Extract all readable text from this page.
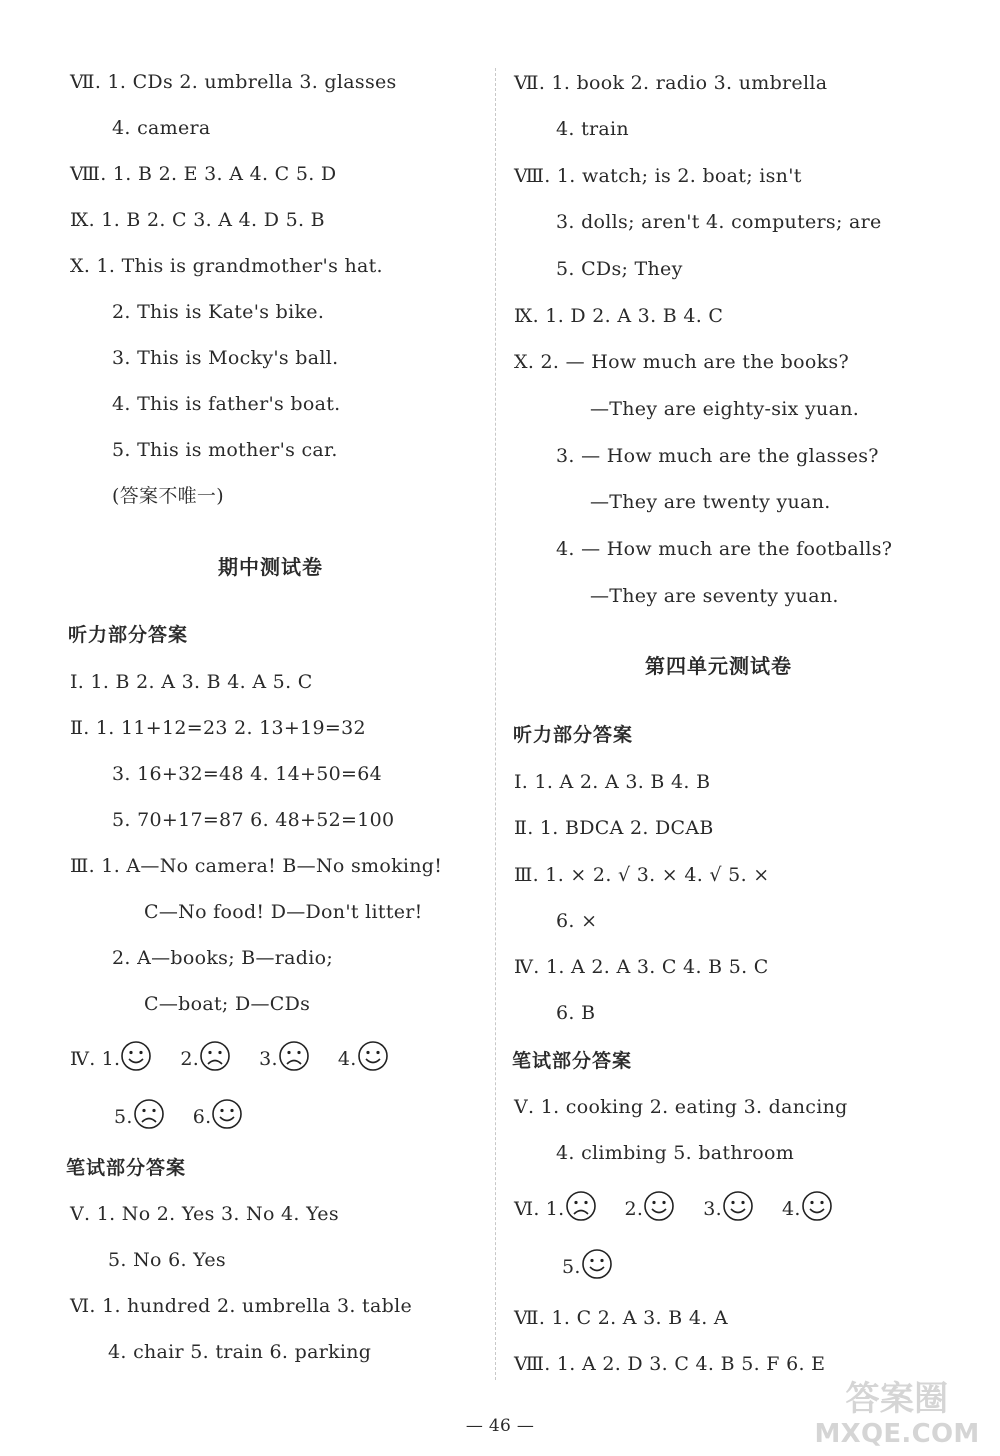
Ⅶ. 1. CDs 2. umbrella 3. glasses
4. camera
Ⅷ. 1. B 2. E 3. A 4. C 5. D
Ⅸ. 1. B 2. C 3. A 4. D 5. B
Ⅹ. 1. This is grandmother's hat.
2. This is Kate's bike.
3. This is Mocky's ball.
4. This is father's boat.
5. This is mother's car.
(答案不唯一)
期中测试卷
听力部分答案
Ⅰ. 1. B 2. A 3. B 4. A 5. C
Ⅱ. 1. 11+12=23 2. 13+19=32
3. 16+32=48 4. 14+50=64
5. 70+17=87 6. 48+52=100
Ⅲ. 1. A—No camera! B—No smoking!
C—No food! D—Don't litter!
2. A—books; B—radio;
C—boat; D—CDs
Ⅳ. 1.	2.	3.	4.
5.	6.
笔试部分答案
Ⅴ. 1. No 2. Yes 3. No 4. Yes
5. No 6. Yes
Ⅵ. 1. hundred 2. umbrella 3. table
4. chair 5. train 6. parking
Ⅶ. 1. book 2. radio 3. umbrella
4. train
Ⅷ. 1. watch; is 2. boat; isn't
3. dolls; aren't 4. computers; are
5. CDs; They
Ⅸ. 1. D 2. A 3. B 4. C
Ⅹ. 2. — How much are the books?
—They are eighty-six yuan.
3. — How much are the glasses?
—They are twenty yuan.
4. — How much are the footballs?
—They are seventy yuan.
第四单元测试卷
听力部分答案
Ⅰ. 1. A 2. A 3. B 4. B
Ⅱ. 1. BDCA 2. DCAB
Ⅲ. 1. × 2. √ 3. × 4. √ 5. ×
6. ×
Ⅳ. 1. A 2. A 3. C 4. B 5. C
6. B
笔试部分答案
Ⅴ. 1. cooking 2. eating 3. dancing
4. climbing 5. bathroom
Ⅵ. 1.	2.	3.	4.
5.
Ⅶ. 1. C 2. A 3. B 4. A
Ⅷ. 1. A 2. D 3. C 4. B 5. F 6. E
— 46 —
答案圈
MXQE.COM
